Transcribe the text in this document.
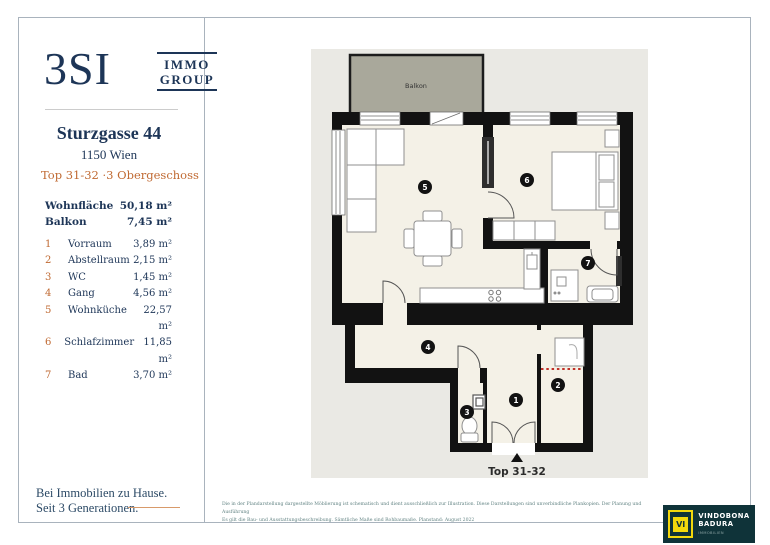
3SI	IMMO
GROUP
Sturzgasse 44
1150 Wien
Top 31-32 ·3 Obergeschoss
Wohnfläche 50,18 m²
Balkon	7,45 m²
1	Vorraum	3,89 m²
2	Abstellraum 2,15 m²
3	WC	1,45 m²
4	Gang	4,56 m²
5	Wohnküche	22,57 m²
6	Schlafzimmer 11,85 m²
7	Bad	3,70 m²
Bei Immobilien zu Hause.
Seit 3 Generationen.
Balkon
1
2
3
4
5
6
7
Top 31-32
Die in der Plandarstellung dargestellte Möblierung ist schematisch und dient ausschließlich zur Illustration. Diese Darstellungen sind unverbindliche Plankopien. Der Planung und Ausführung
Es gilt die Bau- und Ausstattungsbeschreibung. Sämtliche Maße sind Rohbaumaße. Planstand: August 2022	VI
VINDOBONA
BADURA IMMOBILIEN
